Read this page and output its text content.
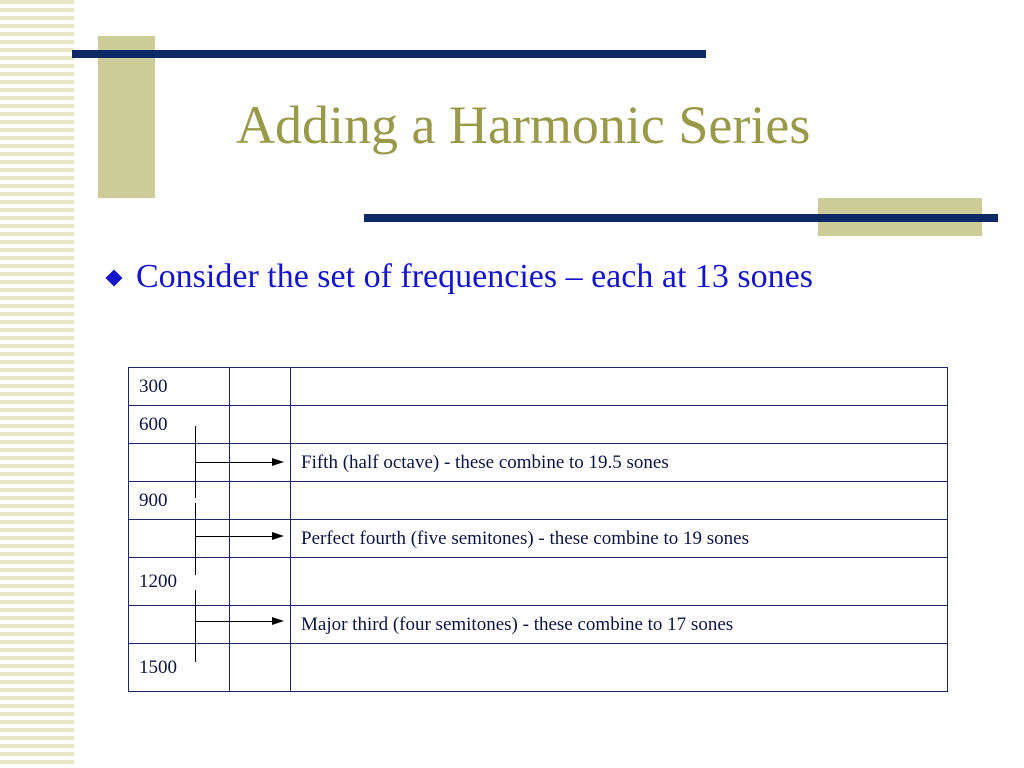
Adding a Harmonic Series
Consider the set of frequencies – each at 13 sones
300		
600		
		Fifth (half octave) - these combine to 19.5 sones
900		
		Perfect fourth (five semitones) - these combine to 19 sones
1200		
		Major third (four semitones) - these combine to 17 sones
1500		
